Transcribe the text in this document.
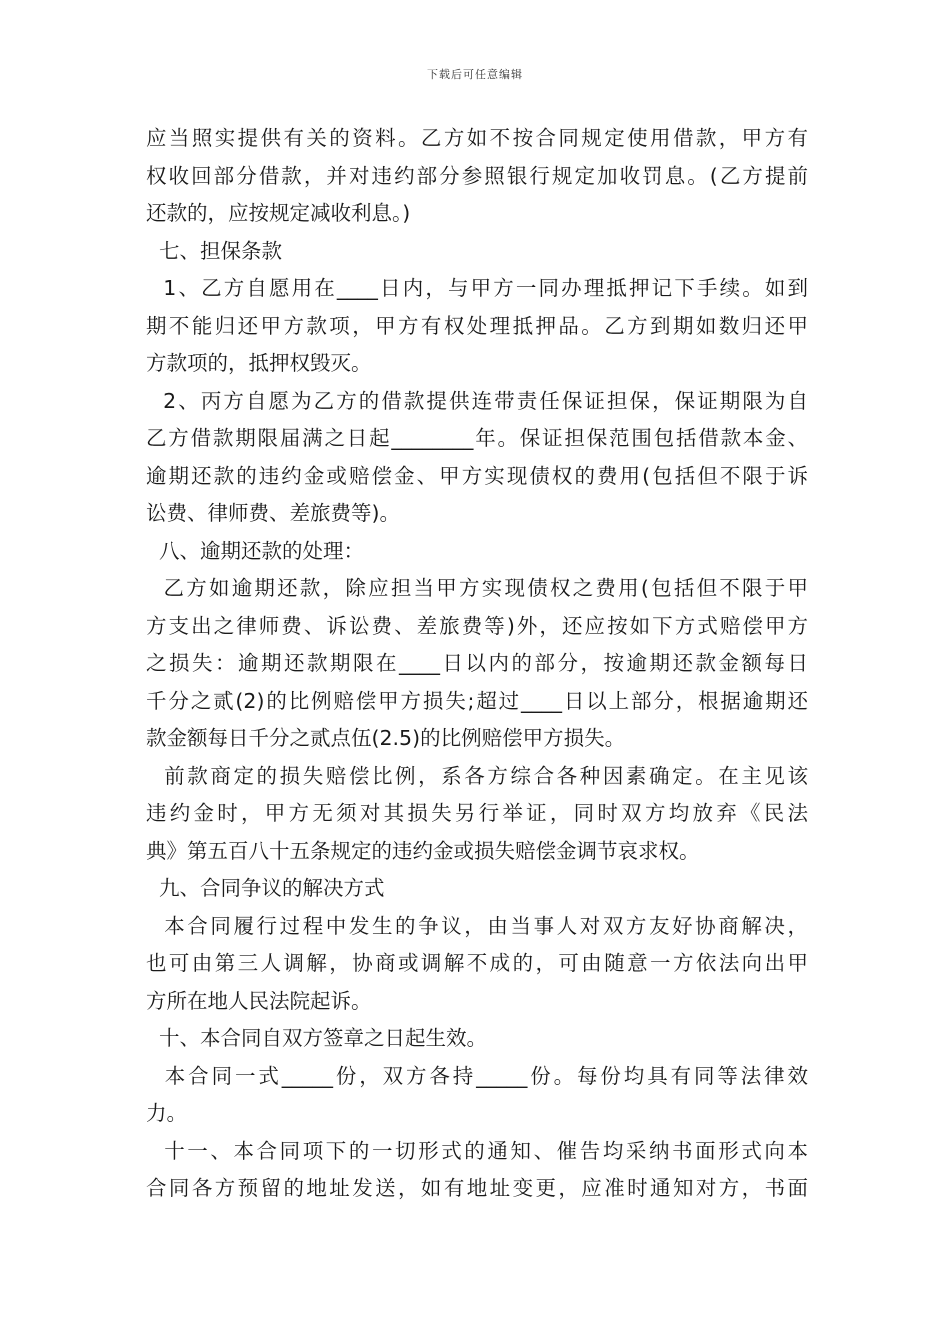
下载后可任意编辑
应当照实提供有关的资料。乙方如不按合同规定使用借款，甲方有
权收回部分借款，并对违约部分参照银行规定加收罚息。(乙方提前
还款的，应按规定减收利息。)
七、担保条款
1、乙方自愿用在____日内，与甲方一同办理抵押记下手续。如到
期不能归还甲方款项，甲方有权处理抵押品。乙方到期如数归还甲
方款项的，抵押权毁灭。
2、丙方自愿为乙方的借款提供连带责任保证担保，保证期限为自
乙方借款期限届满之日起________年。保证担保范围包括借款本金、
逾期还款的违约金或赔偿金、甲方实现债权的费用(包括但不限于诉
讼费、律师费、差旅费等)。
八、逾期还款的处理：
乙方如逾期还款，除应担当甲方实现债权之费用(包括但不限于甲
方支出之律师费、诉讼费、差旅费等)外，还应按如下方式赔偿甲方
之损失：逾期还款期限在____日以内的部分，按逾期还款金额每日
千分之贰(2)的比例赔偿甲方损失;超过____日以上部分，根据逾期还
款金额每日千分之贰点伍(2.5)的比例赔偿甲方损失。
前款商定的损失赔偿比例，系各方综合各种因素确定。在主见该
违约金时，甲方无须对其损失另行举证，同时双方均放弃《民法
典》第五百八十五条规定的违约金或损失赔偿金调节哀求权。
九、合同争议的解决方式
本合同履行过程中发生的争议，由当事人对双方友好协商解决，
也可由第三人调解，协商或调解不成的，可由随意一方依法向出甲
方所在地人民法院起诉。
十、本合同自双方签章之日起生效。
本合同一式_____份，双方各持_____份。每份均具有同等法律效
力。
十一、本合同项下的一切形式的通知、催告均采纳书面形式向本
合同各方预留的地址发送，如有地址变更，应准时通知对方，书面
